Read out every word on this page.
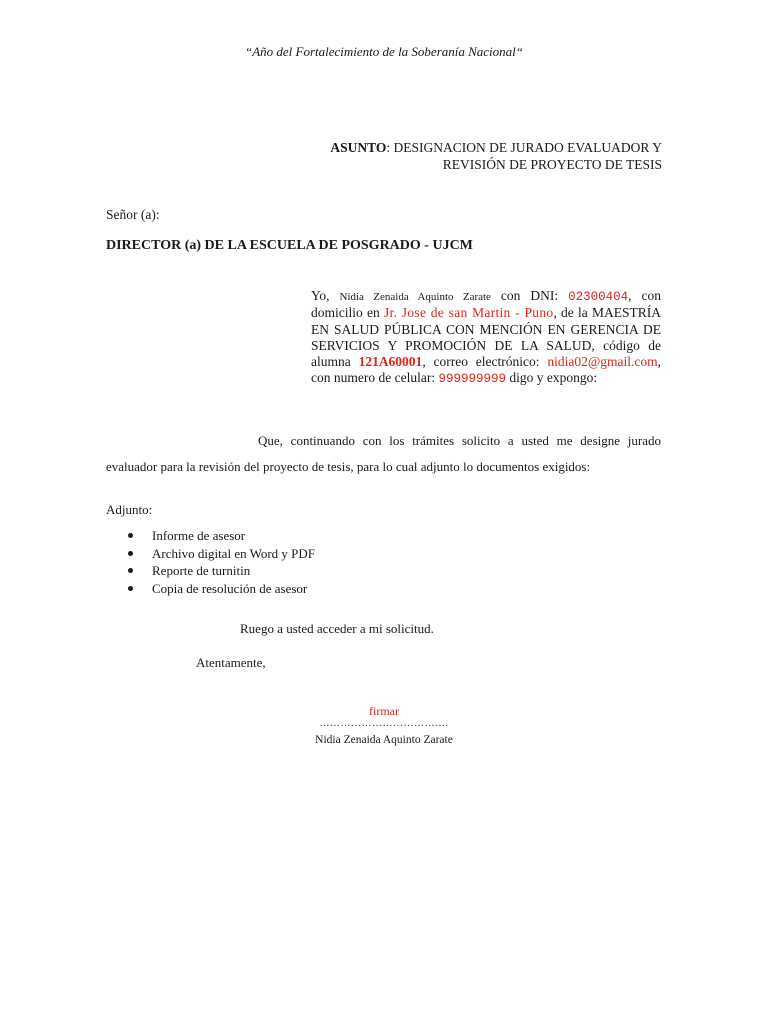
“Año del Fortalecimiento de la Soberanía Nacional“
ASUNTO: DESIGNACION DE JURADO EVALUADOR Y
REVISIÓN DE PROYECTO DE TESIS
Señor (a):
DIRECTOR (a) DE LA ESCUELA DE POSGRADO - UJCM
Yo, Nidia Zenaida Aquinto Zarate con DNI: 02300404, con domicilio en Jr. Jose de san Martin - Puno, de la MAESTRÍA EN SALUD PÚBLICA CON MENCIÓN EN GERENCIA DE SERVICIOS Y PROMOCIÓN DE LA SALUD, código de alumna 121A60001, correo electrónico: nidia02@gmail.com, con numero de celular: 999999999 digo y expongo:
Que, continuando con los trámites solicito a usted me designe jurado evaluador para la revisión del proyecto de tesis, para lo cual adjunto lo documentos exigidos:
Adjunto:
Informe de asesor
Archivo digital en Word y PDF
Reporte de turnitin
Copia de resolución de asesor
Ruego a usted acceder a mi solicitud.
Atentamente,
firmar
……………………………….
Nidia Zenaida Aquinto Zarate
